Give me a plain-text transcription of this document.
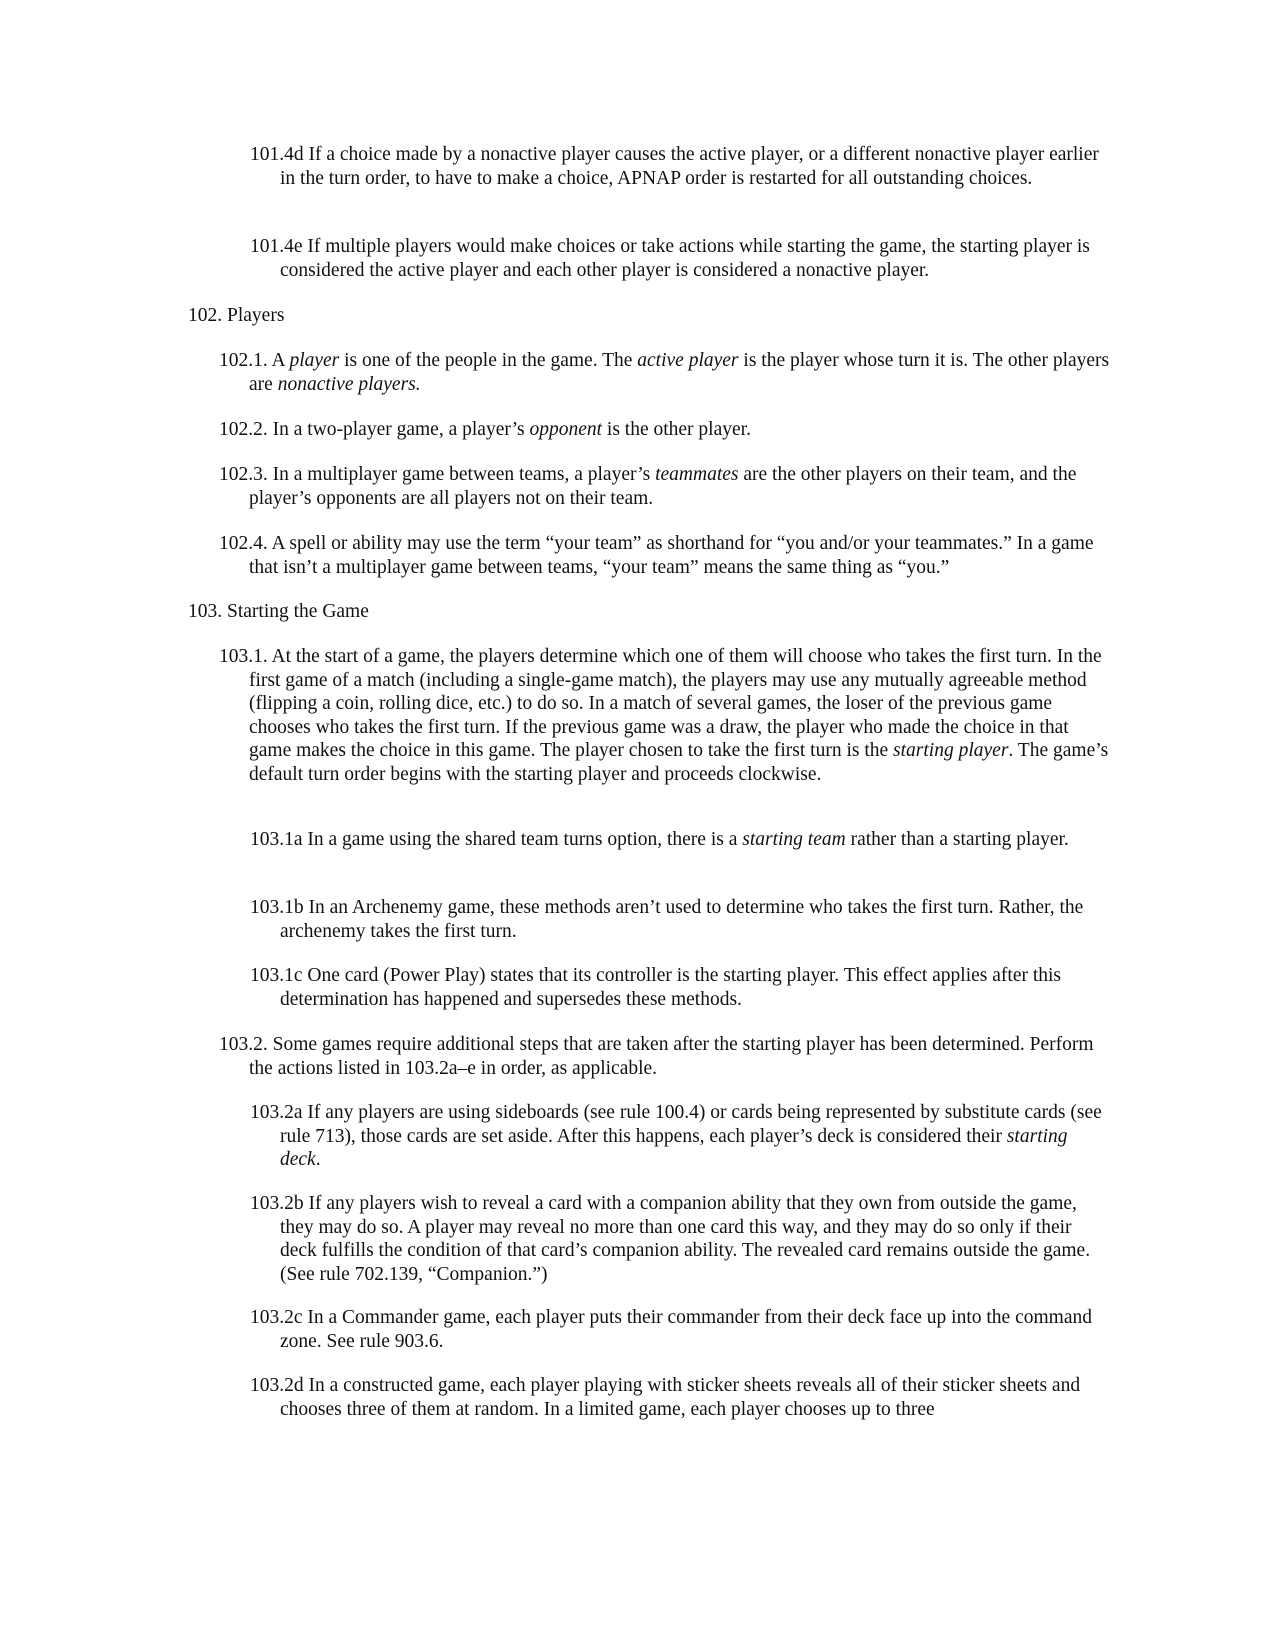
101.4d If a choice made by a nonactive player causes the active player, or a different nonactive player earlier in the turn order, to have to make a choice, APNAP order is restarted for all outstanding choices.

101.4e If multiple players would make choices or take actions while starting the game, the starting player is considered the active player and each other player is considered a nonactive player.

102. Players

102.1. A player is one of the people in the game. The active player is the player whose turn it is. The other players are nonactive players.

102.2. In a two-player game, a player’s opponent is the other player.

102.3. In a multiplayer game between teams, a player’s teammates are the other players on their team, and the player’s opponents are all players not on their team.

102.4. A spell or ability may use the term “your team” as shorthand for “you and/or your teammates.” In a game that isn’t a multiplayer game between teams, “your team” means the same thing as “you.”

103. Starting the Game

103.1. At the start of a game, the players determine which one of them will choose who takes the first turn. In the first game of a match (including a single-game match), the players may use any mutually agreeable method (flipping a coin, rolling dice, etc.) to do so. In a match of several games, the loser of the previous game chooses who takes the first turn. If the previous game was a draw, the player who made the choice in that game makes the choice in this game. The player chosen to take the first turn is the starting player. The game’s default turn order begins with the starting player and proceeds clockwise.

103.1a In a game using the shared team turns option, there is a starting team rather than a starting player.

103.1b In an Archenemy game, these methods aren’t used to determine who takes the first turn. Rather, the archenemy takes the first turn.

103.1c One card (Power Play) states that its controller is the starting player. This effect applies after this determination has happened and supersedes these methods.

103.2. Some games require additional steps that are taken after the starting player has been determined. Perform the actions listed in 103.2a–e in order, as applicable.

103.2a If any players are using sideboards (see rule 100.4) or cards being represented by substitute cards (see rule 713), those cards are set aside. After this happens, each player’s deck is considered their starting deck.

103.2b If any players wish to reveal a card with a companion ability that they own from outside the game, they may do so. A player may reveal no more than one card this way, and they may do so only if their deck fulfills the condition of that card’s companion ability. The revealed card remains outside the game. (See rule 702.139, “Companion.”)

103.2c In a Commander game, each player puts their commander from their deck face up into the command zone. See rule 903.6.

103.2d In a constructed game, each player playing with sticker sheets reveals all of their sticker sheets and chooses three of them at random. In a limited game, each player chooses up to three
